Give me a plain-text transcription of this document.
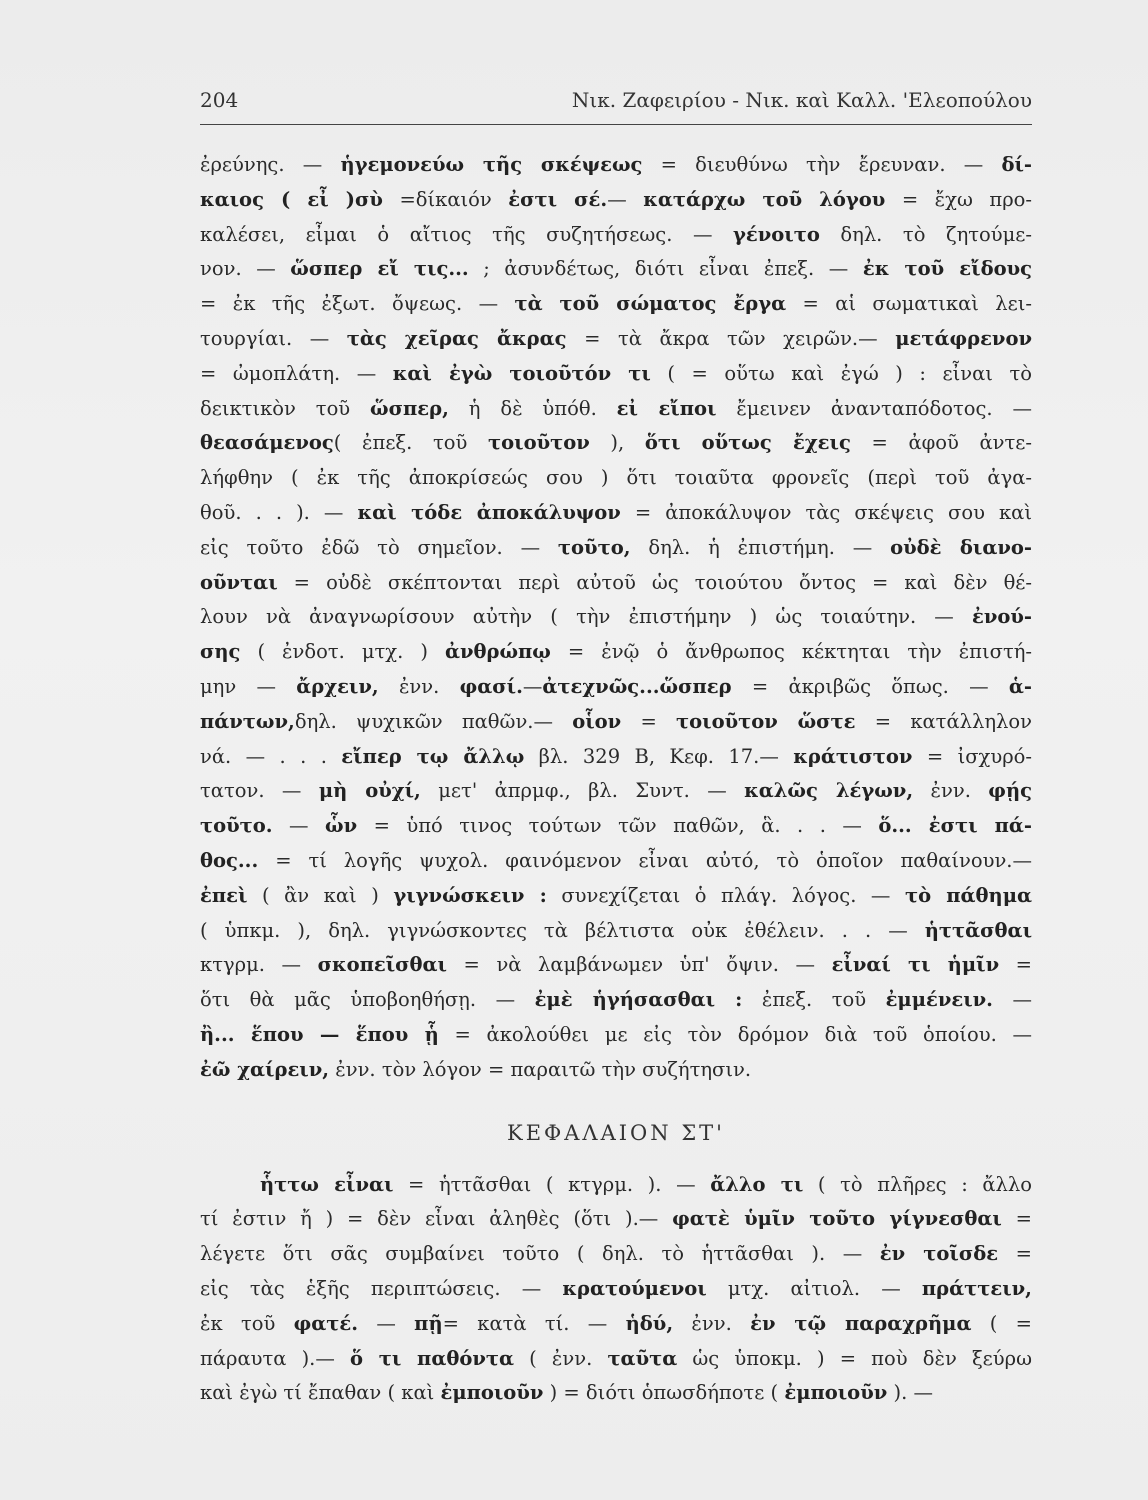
204	Νικ. Ζαφειρίου - Νικ. καὶ Καλλ. 'Ελεοπούλου
ἐρεύνης. — ἡγεμονεύω τῆς σκέψεως = διευθύνω τὴν ἔρευναν. — δί-
καιος ( εἶ )σὺ =δίκαιόν ἐστι σέ.— κατάρχω τοῦ λόγου = ἔχω προ-
καλέσει, εἶμαι ὁ αἴτιος τῆς συζητήσεως. — γένοιτο δηλ. τὸ ζητούμε-
νον. — ὥσπερ εἴ τις... ; ἀσυνδέτως, διότι εἶναι ἐπεξ. — ἐκ τοῦ εἴδους
= ἐκ τῆς ἐξωτ. ὄψεως. — τὰ τοῦ σώματος ἔργα = αἱ σωματικαὶ λει-
τουργίαι. — τὰς χεῖρας ἄκρας = τὰ ἄκρα τῶν χειρῶν.— μετάφρενον
= ὠμοπλάτη. — καὶ ἐγὼ τοιοῦτόν τι ( = οὕτω καὶ ἐγώ ) : εἶναι τὸ
δεικτικὸν τοῦ ὥσπερ, ἡ δὲ ὑπόθ. εἰ εἴποι ἔμεινεν ἀνανταπόδοτος. —
θεασάμενος( ἐπεξ. τοῦ τοιοῦτον ), ὅτι οὕτως ἔχεις = ἀφοῦ ἀντε-
λήφθην ( ἐκ τῆς ἀποκρίσεώς σου ) ὅτι τοιαῦτα φρονεῖς (περὶ τοῦ ἀγα-
θοῦ. . . ). — καὶ τόδε ἀποκάλυψον = ἀποκάλυψον τὰς σκέψεις σου καὶ
εἰς τοῦτο ἐδῶ τὸ σημεῖον. — τοῦτο, δηλ. ἡ ἐπιστήμη. — οὐδὲ διανο-
οῦνται = οὐδὲ σκέπτονται περὶ αὐτοῦ ὡς τοιούτου ὄντος = καὶ δὲν θέ-
λουν νὰ ἀναγνωρίσουν αὐτὴν ( τὴν ἐπιστήμην ) ὡς τοιαύτην. — ἐνού-
σης ( ἐνδοτ. μτχ. ) ἀνθρώπῳ = ἐνῷ ὁ ἄνθρωπος κέκτηται τὴν ἐπιστή-
μην — ἄρχειν, ἐνν. φασί.—ἀτεχνῶς...ὥσπερ = ἀκριβῶς ὅπως. — ἁ-
πάντων,δηλ. ψυχικῶν παθῶν.— οἷον = τοιοῦτον ὥστε = κατάλληλον
νά. — . . . εἴπερ τῳ ἄλλῳ βλ. 329 B, Κεφ. 17.— κράτιστον = ἰσχυρό-
τατον. — μὴ οὐχί, μετ' ἀπρμφ., βλ. Συντ. — καλῶς λέγων, ἐνν. φῄς
τοῦτο. — ὧν = ὑπό τινος τούτων τῶν παθῶν, ἃ. . . — ὅ... ἐστι πά-
θος... = τί λογῆς ψυχολ. φαινόμενον εἶναι αὐτό, τὸ ὁποῖον παθαίνουν.—
ἐπεὶ ( ἂν καὶ ) γιγνώσκειν : συνεχίζεται ὁ πλάγ. λόγος. — τὸ πάθημα
( ὑπκμ. ), δηλ. γιγνώσκοντες τὰ βέλτιστα οὐκ ἐθέλειν. . . — ἡττᾶσθαι
κτγρμ. — σκοπεῖσθαι = νὰ λαμβάνωμεν ὑπ' ὄψιν. — εἶναί τι ἡμῖν =
ὅτι θὰ μᾶς ὑποβοηθήσῃ. — ἐμὲ ἡγήσασθαι : ἐπεξ. τοῦ ἐμμένειν. —
ἢ... ἕπου — ἕπου ᾗ = ἀκολούθει με εἰς τὸν δρόμον διὰ τοῦ ὁποίου. —
ἐῶ χαίρειν, ἐνν. τὸν λόγον = παραιτῶ τὴν συζήτησιν.
ΚΕΦΑΛΑΙΟΝ ΣΤ'
ἧττω εἶναι = ἡττᾶσθαι ( κτγρμ. ). — ἄλλο τι ( τὸ πλῆρες : ἄλλο
τί ἐστιν ἤ ) = δὲν εἶναι ἀληθὲς (ὅτι ).— φατὲ ὑμῖν τοῦτο γίγνεσθαι =
λέγετε ὅτι σᾶς συμβαίνει τοῦτο ( δηλ. τὸ ἡττᾶσθαι ). — ἐν τοῖσδε =
εἰς τὰς ἑξῆς περιπτώσεις. — κρατούμενοι μτχ. αἰτιολ. — πράττειν,
ἐκ τοῦ φατέ. — πῇ= κατὰ τί. — ἡδύ, ἐνν. ἐν τῷ παραχρῆμα ( =
πάραυτα ).— ὅ τι παθόντα ( ἐνν. ταῦτα ὡς ὑποκμ. ) = ποὺ δὲν ξεύρω
καὶ ἐγὼ τί ἔπαθαν ( καὶ ἐμποιοῦν ) = διότι ὁπωσδήποτε ( ἐμποιοῦν ). —
